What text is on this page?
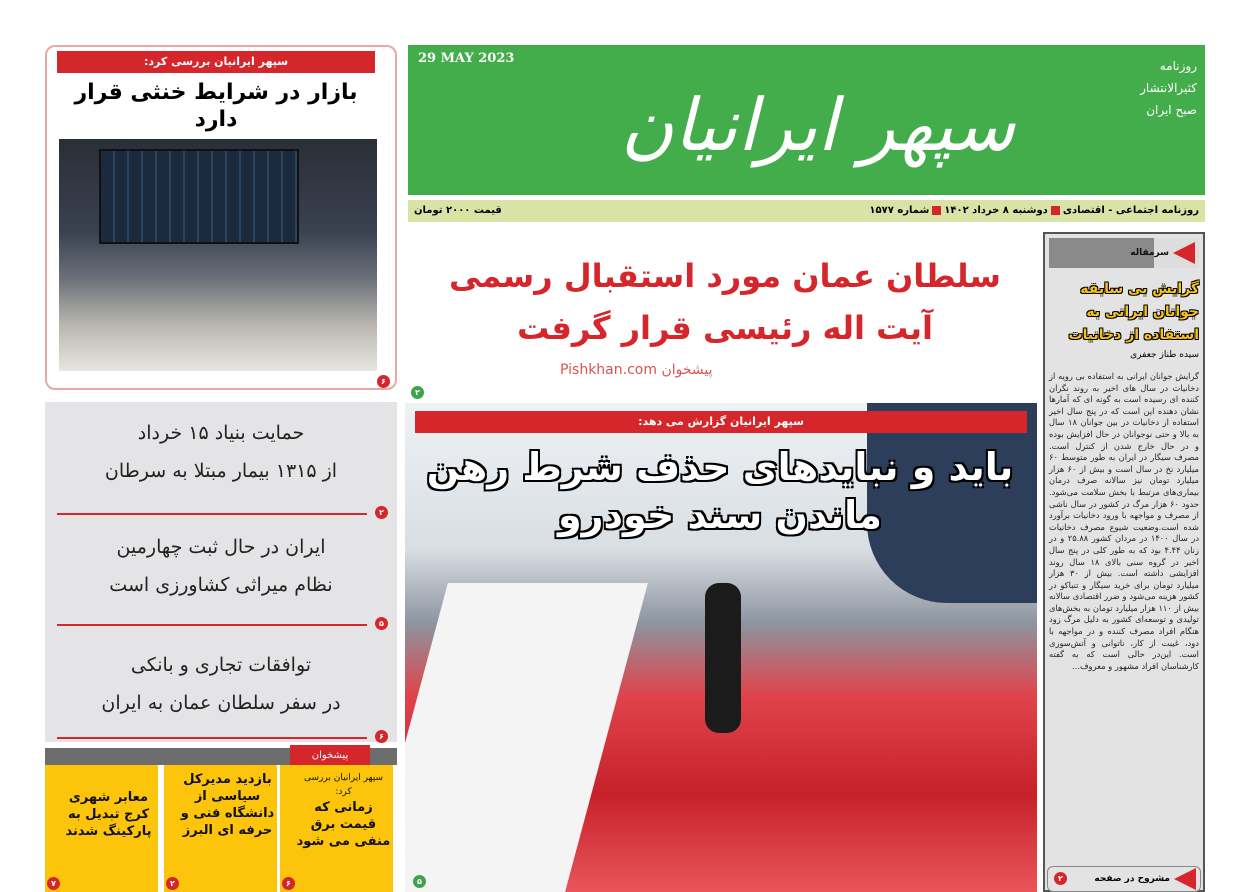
سپهر ایرانیان بررسی کرد:
بازار در شرایط خنثی قرار دارد
۶
29 MAY 2023
سپهر ایرانیان
روزنامه
کثیرالانتشار
صبح ایران
روزنامه اجتماعی - اقتصادیدوشنبه ۸ خرداد ۱۴۰۲شماره ۱۵۷۷
قیمت ۲۰۰۰ تومان
سلطان عمان مورد استقبال رسمی
آیت اله رئیسی قرار گرفت
Pishkhan.com پیشخوان
۲
حمایت بنیاد ۱۵ خرداد
از ۱۳۱۵ بیمار مبتلا به سرطان
۲
ایران در حال ثبت چهارمین
نظام میراثی کشاورزی است
۵
توافقات تجاری و بانکی
در سفر سلطان عمان به ایران
۶
پیشخوان
سپهر ایرانیان بررسی کرد:
زمانی که قیمت برق منفی می شود
۶
بازدید مدیرکل سیاسی از دانشگاه فنی و حرفه ای البرز
۲
معابر شهری کرج تبدیل به پارکینگ شدند
۷
سپهر ایرانیان گزارش می دهد:
باید و نبایدهای حذف شرط رهن ماندن سند خودرو
۵
سرمقاله
گرایش بی سابقه جوانان ایرانی به استفاده از دخانیات
سیده طناز جعفری
گرایش جوانان ایرانی به استفاده بی رویه از دخانیات در سال های اخیر به روند نگران کننده ای رسیده است به گونه ای که آمارها نشان دهنده این است که در پنج سال اخیر استفاده از دخانیات در بین جوانان ۱۸ سال به بالا و حتی نوجوانان در حال افزایش بوده و در حال خارج شدن از کنترل است. مصرف سیگار در ایران به طور متوسط ۶۰ میلیارد نخ در سال است و بیش از ۶۰ هزار میلیارد تومان نیز سالانه صرف درمان بیماری‌های مرتبط با بخش سلامت می‌شود. حدود ۶۰ هزار مرگ در کشور در سال ناشی از مصرف و مواجهه با ورود دخانیات برآورد شده است.وضعیت شیوع مصرف دخانیات در سال ۱۴۰۰ در مردان کشور ۲۵.۸۸ و در زنان ۴.۴۴ بود که به طور کلی در پنج سال اخیر در گروه سنی بالای ۱۸ سال روند افزایشی داشته است. بیش از ۳۰ هزار میلیارد تومان برای خرید سیگار و تنباکو در کشور هزینه می‌شود و ضرر اقتصادی سالانه بیش از ۱۱۰ هزار میلیارد تومان به بخش‌های تولیدی و توسعه‌ای کشور به دلیل مرگ زود هنگام افراد مصرف کننده و در مواجهه با دود، غیبت از کار، ناتوانی و آتش‌سوزی است. این‌در حالی است که به گفته کارشناسان افراد مشهور و معروف...
مشروح در صفحه
۲
